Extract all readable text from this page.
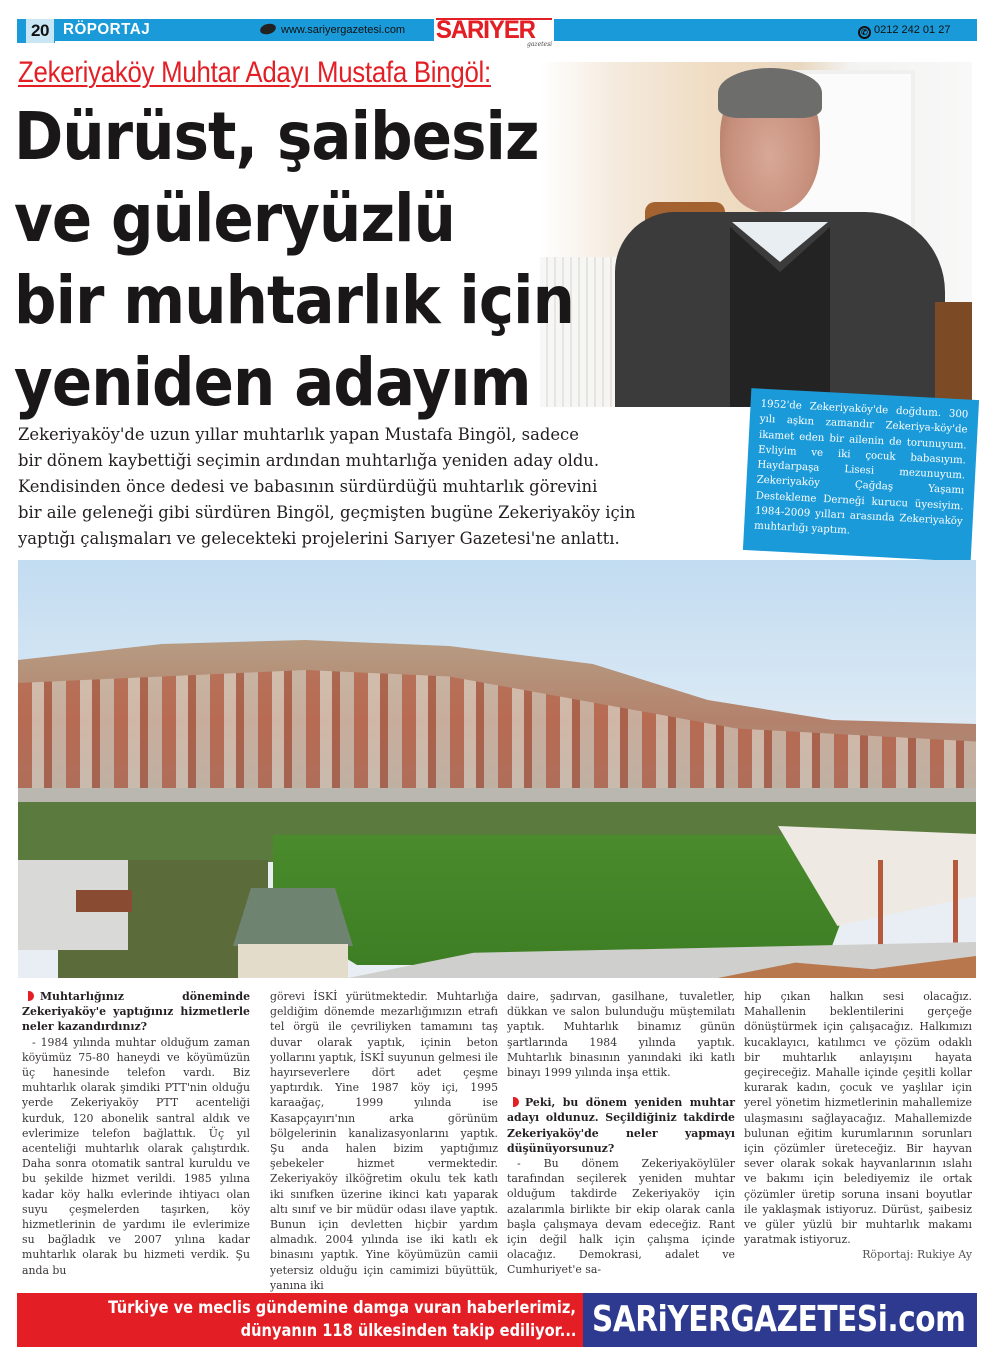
20 RÖPORTAJ	www.sariyergazetesi.com SARIYER
gazetesi
✆ 0212 242 01 27
Zekeriyaköy Muhtar Adayı Mustafa Bingöl:
Dürüst, şaibesiz
ve güleryüzlü
bir muhtarlık için
yeniden adayım	1952'de Zekeriyaköy'de doğdum. 300 yılı aşkın zamandır Zekeriya-köy'de ikamet eden bir ailenin de torunuyum. Evliyim ve iki çocuk babasıyım. Haydarpaşa Lisesi mezunuyum. Zekeriyaköy Çağdaş Yaşamı Destekleme Derneği kurucu üyesiyim. 1984-2009 yılları arasında Zekeriyaköy muhtarlığı yaptım.
Zekeriyaköy'de uzun yıllar muhtarlık yapan Mustafa Bingöl, sadece
bir dönem kaybettiği seçimin ardından muhtarlığa yeniden aday oldu.
Kendisinden önce dedesi ve babasının sürdürdüğü muhtarlık görevini
bir aile geleneği gibi sürdüren Bingöl, geçmişten bugüne Zekeriyaköy için
yaptığı çalışmaları ve gelecekteki projelerini Sarıyer Gazetesi'ne anlattı.
Muhtarlığınız döneminde Zekeriyaköy'e yaptığınız hizmetlerle neler kazandırdınız?
- 1984 yılında muhtar olduğum zaman köyümüz 75-80 haneydi ve köyümüzün üç hanesinde telefon vardı. Biz muhtarlık olarak şimdiki PTT'nin olduğu yerde Zekeriyaköy PTT acenteliği kurduk, 120 abonelik santral aldık ve evlerimize telefon bağlattık. Üç yıl acenteliği muhtarlık olarak çalıştırdık. Daha sonra otomatik santral kuruldu ve bu şekilde hizmet verildi. 1985 yılına kadar köy halkı evlerinde ihtiyacı olan suyu çeşmelerden taşırken, köy hizmetlerinin de yardımı ile evlerimize su bağladık ve 2007 yılına kadar muhtarlık olarak bu hizmeti verdik. Şu anda bu
görevi İSKİ yürütmektedir. Muhtarlığa geldiğim dönemde mezarlığımızın etrafı tel örgü ile çevriliyken tamamını taş duvar olarak yaptık, içinin beton yollarını yaptık, İSKİ suyunun gelmesi ile hayırseverlere dört adet çeşme yaptırdık. Yine 1987 köy içi, 1995 karaağaç, 1999 yılında ise Kasapçayırı'nın arka görünüm bölgelerinin kanalizasyonlarını yaptık. Şu anda halen bizim yaptığımız şebekeler hizmet vermektedir. Zekeriyaköy ilköğretim okulu tek katlı iki sınıfken üzerine ikinci katı yaparak altı sınıf ve bir müdür odası ilave yaptık. Bunun için devletten hiçbir yardım almadık. 2004 yılında ise iki katlı ek binasını yaptık. Yine köyümüzün camii yetersiz olduğu için camimizi büyüttük, yanına iki
daire, şadırvan, gasilhane, tuvaletler, dükkan ve salon bulunduğu müştemilatı yaptık. Muhtarlık binamız günün şartlarında 1984 yılında yaptık. Muhtarlık binasının yanındaki iki katlı binayı 1999 yılında inşa ettik.
Peki, bu dönem yeniden muhtar adayı oldunuz. Seçildiğiniz takdirde Zekeriyaköy'de neler yapmayı düşünüyorsunuz?
- Bu dönem Zekeriyaköylüler tarafından seçilerek yeniden muhtar olduğum takdirde Zekeriyaköy için azalarımla birlikte bir ekip olarak canla başla çalışmaya devam edeceğiz. Rant için değil halk için çalışma içinde olacağız. Demokrasi, adalet ve Cumhuriyet'e sa-
hip çıkan halkın sesi olacağız. Mahallenin beklentilerini gerçeğe dönüştürmek için çalışacağız. Halkımızı kucaklayıcı, katılımcı ve çözüm odaklı bir muhtarlık anlayışını hayata geçireceğiz. Mahalle içinde çeşitli kollar kurarak kadın, çocuk ve yaşlılar için yerel yönetim hizmetlerinin mahallemize ulaşmasını sağlayacağız. Mahallemizde bulunan eğitim kurumlarının sorunları için çözümler üreteceğiz. Bir hayvan sever olarak sokak hayvanlarının ıslahı ve bakımı için belediyemiz ile ortak çözümler üretip soruna insani boyutlar ile yaklaşmak istiyoruz. Dürüst, şaibesiz ve güler yüzlü bir muhtarlık makamı yaratmak istiyoruz.
Röportaj: Rukiye Ay
Türkiye ve meclis gündemine damga vuran haberlerimiz,
dünyanın 118 ülkesinden takip ediliyor... SARiYERGAZETESi.com
